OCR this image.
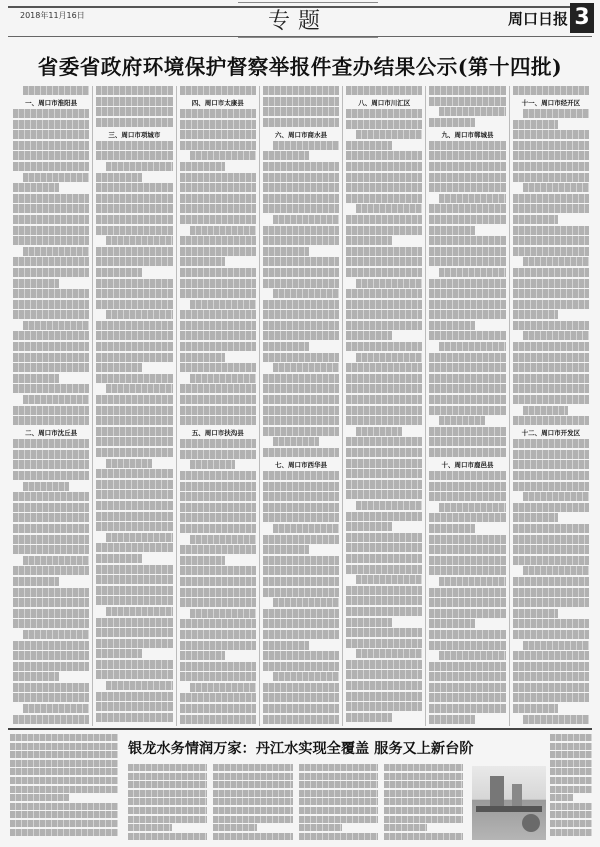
2018年11月16日	专题	周口日报 3
省委省政府环境保护督察举报件查办结果公示(第十四批)
一、周口市淮阳县
二、周口市沈丘县
三、周口市项城市
四、周口市太康县
五、周口市扶沟县
六、周口市商水县
七、周口市西华县
八、周口市川汇区
九、周口市郸城县
十、周口市鹿邑县
十一、周口市经开区
十二、周口市开发区
银龙水务情润万家：丹江水实现全覆盖 服务又上新台阶
